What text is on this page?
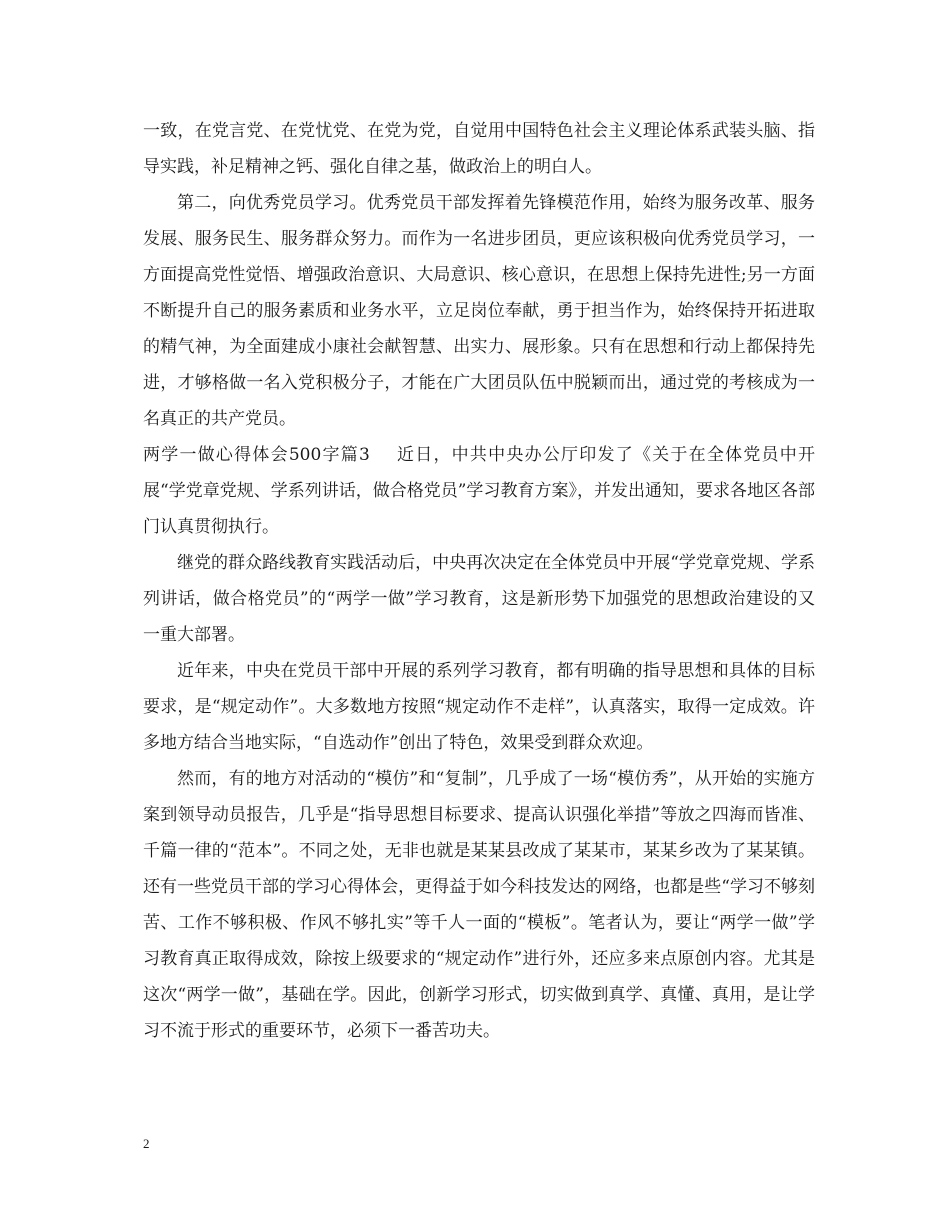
一致，在党言党、在党忧党、在党为党，自觉用中国特色社会主义理论体系武装头脑、指导实践，补足精神之钙、强化自律之基，做政治上的明白人。

第二，向优秀党员学习。优秀党员干部发挥着先锋模范作用，始终为服务改革、服务发展、服务民生、服务群众努力。而作为一名进步团员，更应该积极向优秀党员学习，一方面提高党性觉悟、增强政治意识、大局意识、核心意识，在思想上保持先进性;另一方面不断提升自己的服务素质和业务水平，立足岗位奉献，勇于担当作为，始终保持开拓进取的精气神，为全面建成小康社会献智慧、出实力、展形象。只有在思想和行动上都保持先进，才够格做一名入党积极分子，才能在广大团员队伍中脱颖而出，通过党的考核成为一名真正的共产党员。

两学一做心得体会500字篇3 近日，中共中央办公厅印发了《关于在全体党员中开展“学党章党规、学系列讲话，做合格党员”学习教育方案》，并发出通知，要求各地区各部门认真贯彻执行。

继党的群众路线教育实践活动后，中央再次决定在全体党员中开展“学党章党规、学系列讲话，做合格党员”的“两学一做”学习教育，这是新形势下加强党的思想政治建设的又一重大部署。

近年来，中央在党员干部中开展的系列学习教育，都有明确的指导思想和具体的目标要求，是“规定动作”。大多数地方按照“规定动作不走样”，认真落实，取得一定成效。许多地方结合当地实际，“自选动作”创出了特色，效果受到群众欢迎。

然而，有的地方对活动的“模仿”和“复制”，几乎成了一场“模仿秀”，从开始的实施方案到领导动员报告，几乎是“指导思想目标要求、提高认识强化举措”等放之四海而皆准、千篇一律的“范本”。不同之处，无非也就是某某县改成了某某市，某某乡改为了某某镇。还有一些党员干部的学习心得体会，更得益于如今科技发达的网络，也都是些“学习不够刻苦、工作不够积极、作风不够扎实”等千人一面的“模板”。笔者认为，要让“两学一做”学习教育真正取得成效，除按上级要求的“规定动作”进行外，还应多来点原创内容。尤其是这次“两学一做”，基础在学。因此，创新学习形式，切实做到真学、真懂、真用，是让学习不流于形式的重要环节，必须下一番苦功夫。

2
